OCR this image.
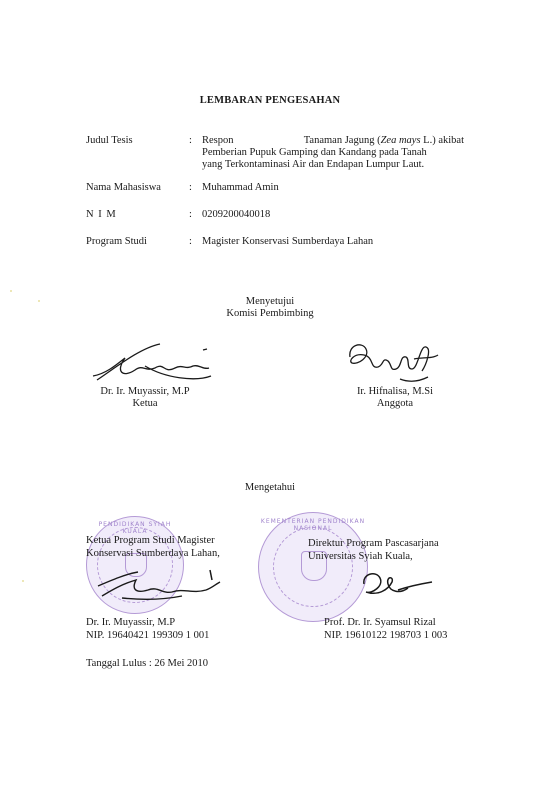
LEMBARAN PENGESAHAN
Judul Tesis	: Respon	Tanaman Jagung (Zea mays L.) akibat
Pemberian Pupuk Gamping dan Kandang pada Tanah
yang Terkontaminasi Air dan Endapan Lumpur Laut.
Nama Mahasiswa	: Muhammad Amin
N I M	: 0209200040018
Program Studi	: Magister Konservasi Sumberdaya Lahan
Menyetujui
Komisi Pembimbing
Dr. Ir. Muyassir, M.P
Ketua
Ir. Hifnalisa, M.Si
Anggota
Mengetahui
PENDIDIKAN SYIAH KUALA
KEMENTERIAN PENDIDIKAN NASIONAL
Ketua Program Studi Magister
Konservasi Sumberdaya Lahan,
Dr. Ir. Muyassir, M.P
NIP. 19640421 199309 1 001
Direktur Program Pascasarjana
Universitas Syiah Kuala,
Prof. Dr. Ir. Syamsul Rizal
NIP. 19610122 198703 1 003
Tanggal Lulus : 26 Mei 2010
